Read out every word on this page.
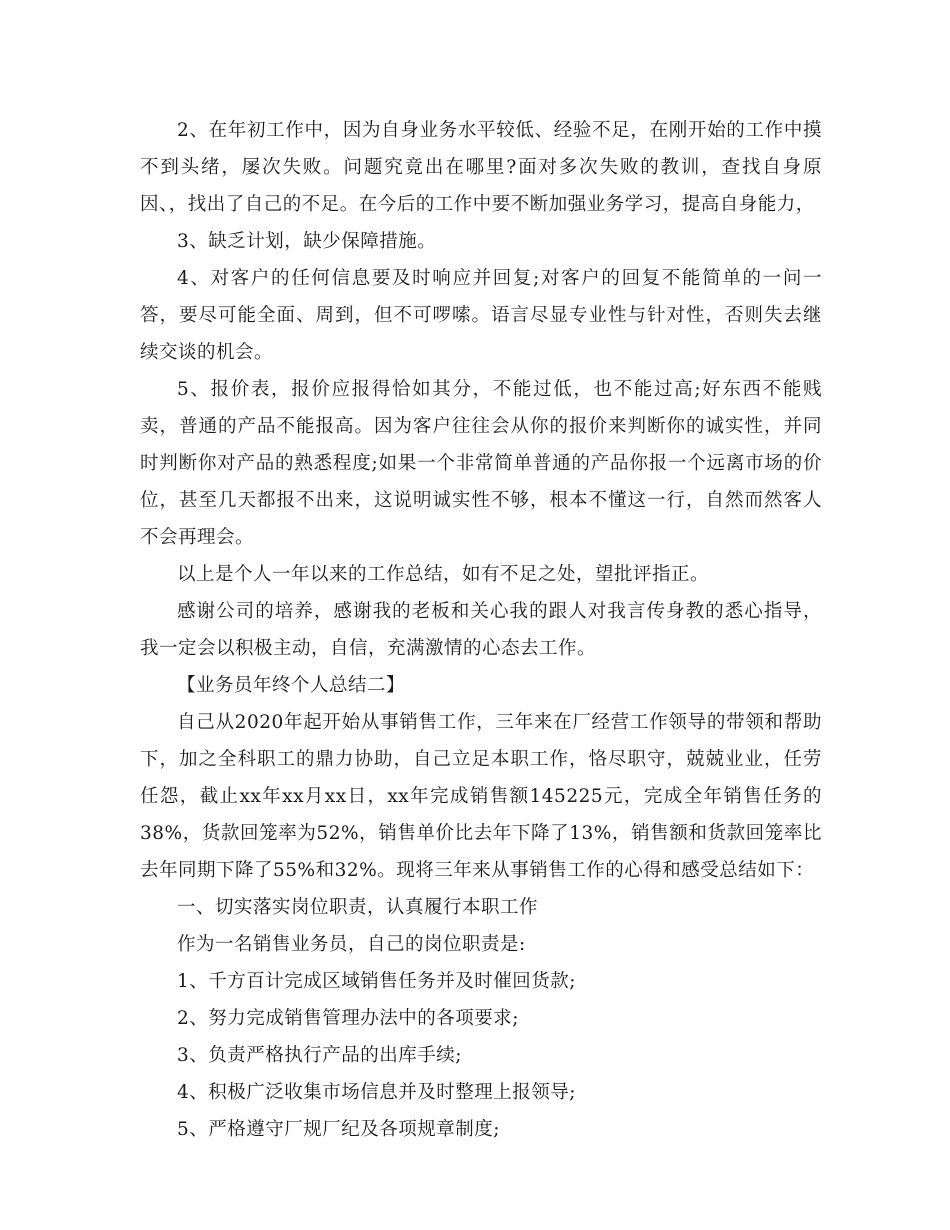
2、在年初工作中，因为自身业务水平较低、经验不足，在刚开始的工作中摸不到头绪，屡次失败。问题究竟出在哪里?面对多次失败的教训，查找自身原因、，找出了自己的不足。在今后的工作中要不断加强业务学习，提高自身能力，

3、缺乏计划，缺少保障措施。

4、对客户的任何信息要及时响应并回复;对客户的回复不能简单的一问一答，要尽可能全面、周到，但不可啰嗦。语言尽显专业性与针对性，否则失去继续交谈的机会。

5、报价表，报价应报得恰如其分，不能过低，也不能过高;好东西不能贱卖，普通的产品不能报高。因为客户往往会从你的报价来判断你的诚实性，并同时判断你对产品的熟悉程度;如果一个非常简单普通的产品你报一个远离市场的价位，甚至几天都报不出来，这说明诚实性不够，根本不懂这一行，自然而然客人不会再理会。

以上是个人一年以来的工作总结，如有不足之处，望批评指正。

感谢公司的培养，感谢我的老板和关心我的跟人对我言传身教的悉心指导，我一定会以积极主动，自信，充满激情的心态去工作。

【业务员年终个人总结二】

自己从2020年起开始从事销售工作，三年来在厂经营工作领导的带领和帮助下，加之全科职工的鼎力协助，自己立足本职工作，恪尽职守，兢兢业业，任劳任怨，截止xx年xx月xx日，xx年完成销售额145225元，完成全年销售任务的38%，货款回笼率为52%，销售单价比去年下降了13%，销售额和货款回笼率比去年同期下降了55%和32%。现将三年来从事销售工作的心得和感受总结如下：

一、切实落实岗位职责，认真履行本职工作

作为一名销售业务员，自己的岗位职责是:

1、千方百计完成区域销售任务并及时催回货款;

2、努力完成销售管理办法中的各项要求;

3、负责严格执行产品的出库手续;

4、积极广泛收集市场信息并及时整理上报领导;

5、严格遵守厂规厂纪及各项规章制度;
